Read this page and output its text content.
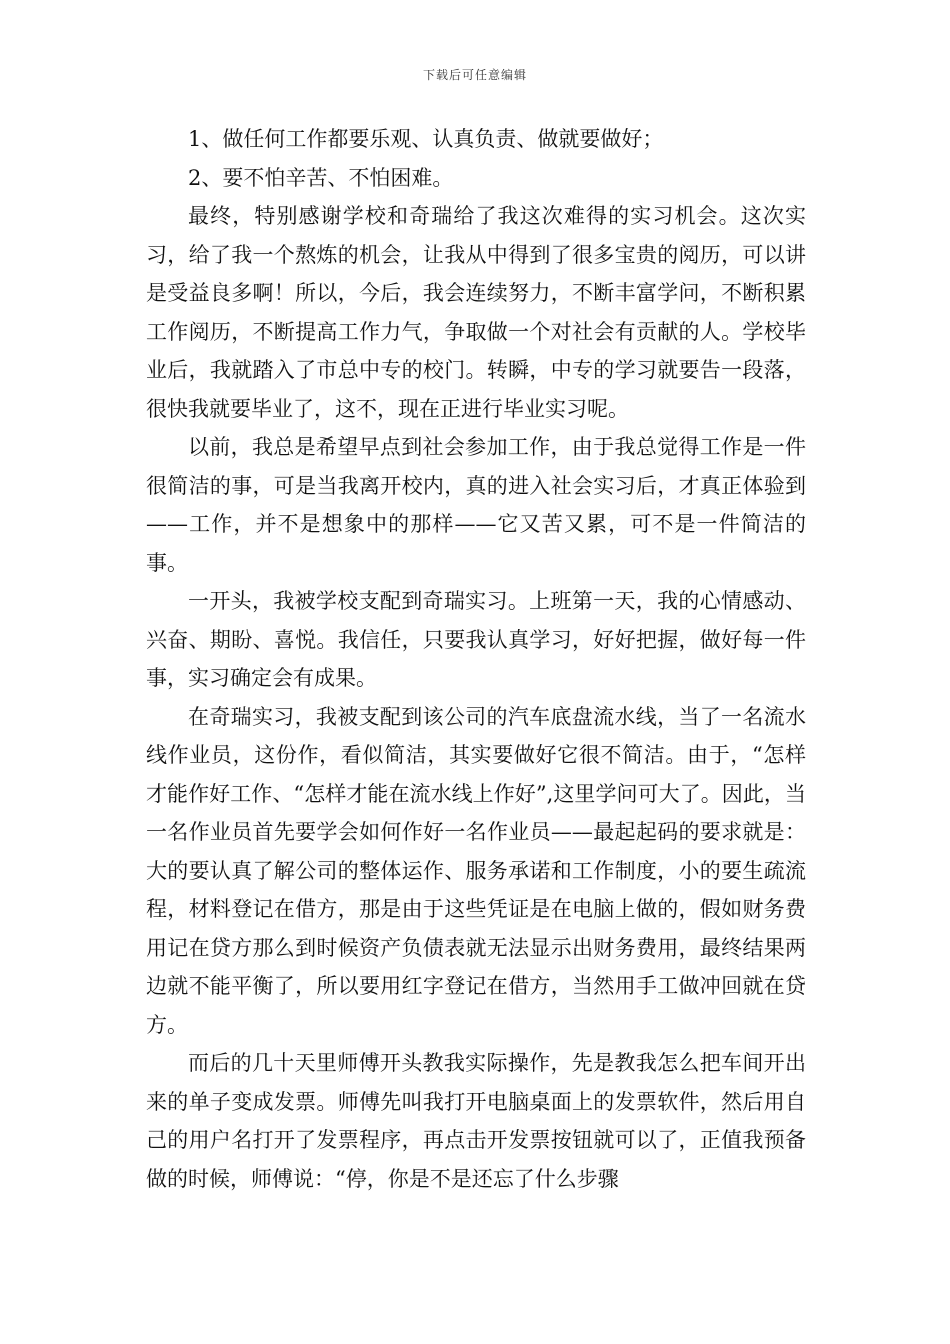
下载后可任意编辑

1、做任何工作都要乐观、认真负责、做就要做好；

2、要不怕辛苦、不怕困难。

最终，特别感谢学校和奇瑞给了我这次难得的实习机会。这次实习，给了我一个熬炼的机会，让我从中得到了很多宝贵的阅历，可以讲是受益良多啊！所以，今后，我会连续努力，不断丰富学问，不断积累工作阅历，不断提高工作力气，争取做一个对社会有贡献的人。学校毕业后，我就踏入了市总中专的校门。转瞬，中专的学习就要告一段落，很快我就要毕业了，这不，现在正进行毕业实习呢。

以前，我总是希望早点到社会参加工作，由于我总觉得工作是一件很简洁的事，可是当我离开校内，真的进入社会实习后，才真正体验到——工作，并不是想象中的那样——它又苦又累，可不是一件简洁的事。

一开头，我被学校支配到奇瑞实习。上班第一天，我的心情感动、兴奋、期盼、喜悦。我信任，只要我认真学习，好好把握，做好每一件事，实习确定会有成果。

在奇瑞实习，我被支配到该公司的汽车底盘流水线，当了一名流水线作业员，这份作，看似简洁，其实要做好它很不简洁。由于，“怎样才能作好工作、“怎样才能在流水线上作好”,这里学问可大了。因此，当一名作业员首先要学会如何作好一名作业员——最起起码的要求就是：大的要认真了解公司的整体运作、服务承诺和工作制度，小的要生疏流程，材料登记在借方，那是由于这些凭证是在电脑上做的，假如财务费用记在贷方那么到时候资产负债表就无法显示出财务费用，最终结果两边就不能平衡了，所以要用红字登记在借方，当然用手工做冲回就在贷方。

而后的几十天里师傅开头教我实际操作，先是教我怎么把车间开出来的单子变成发票。师傅先叫我打开电脑桌面上的发票软件，然后用自己的用户名打开了发票程序，再点击开发票按钮就可以了，正值我预备做的时候，师傅说：“停，你是不是还忘了什么步骤
